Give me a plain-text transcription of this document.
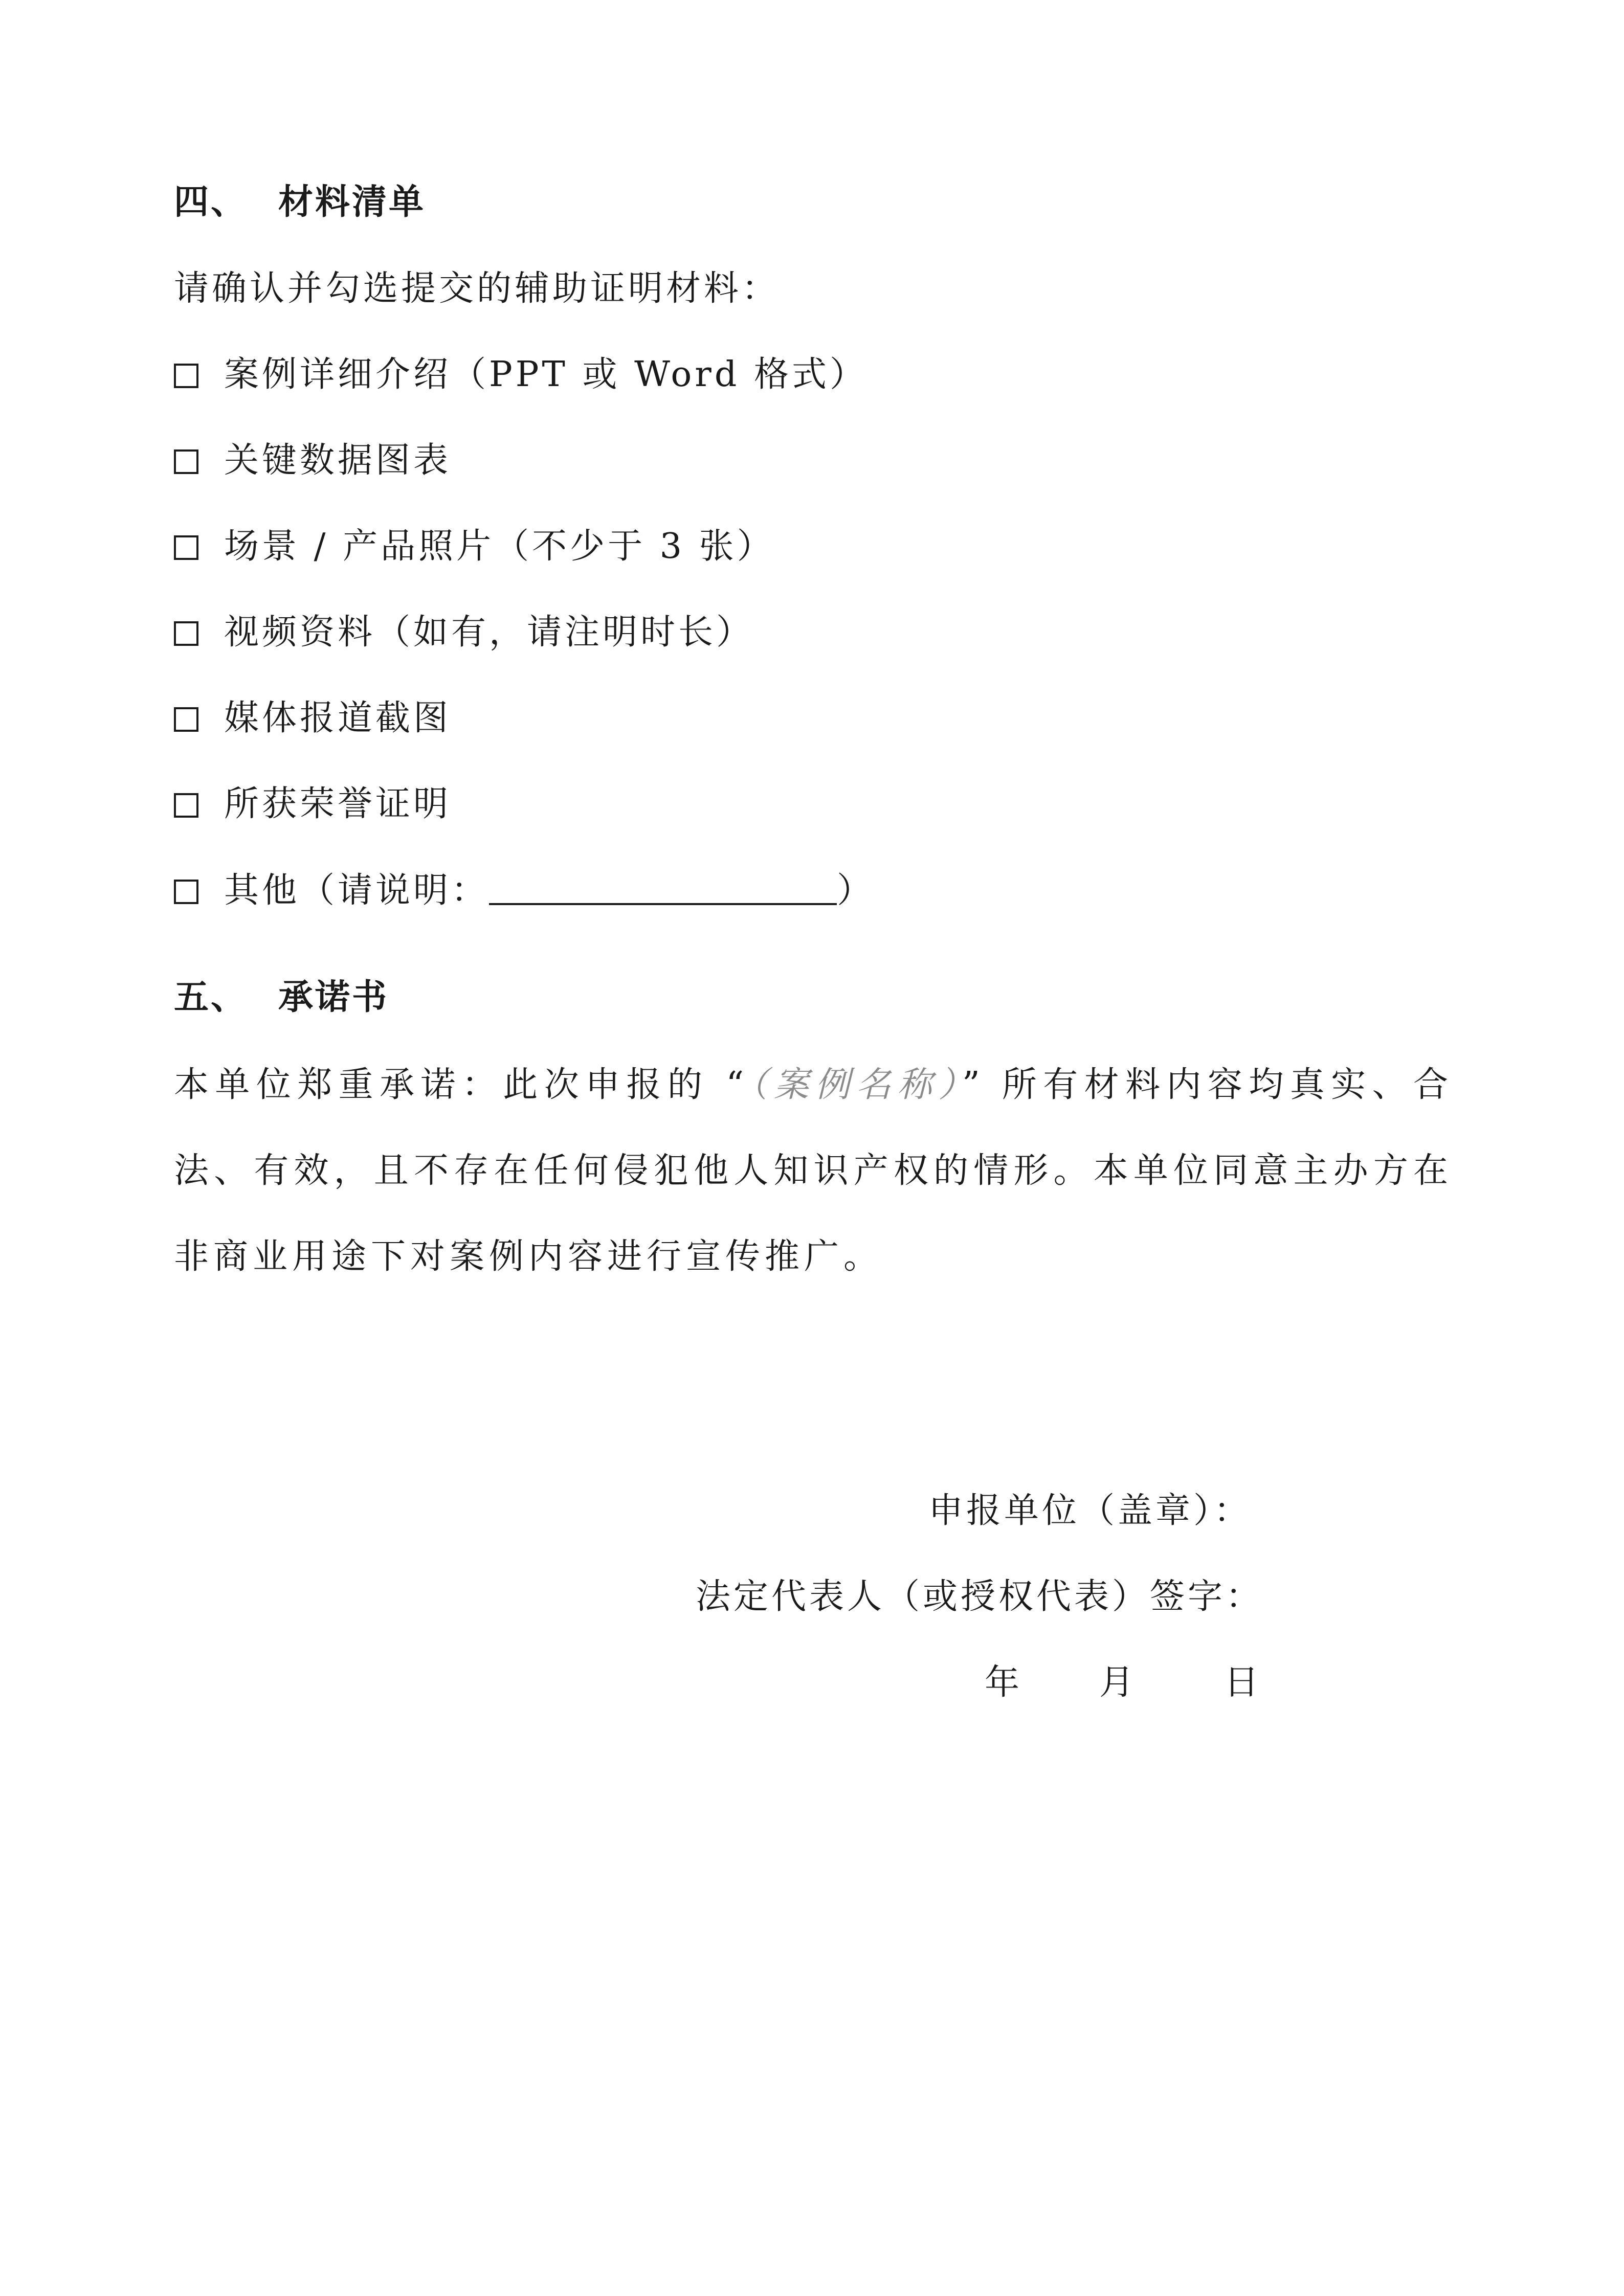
四、 材料清单
请确认并勾选提交的辅助证明材料：
案例详细介绍（PPT 或 Word 格式）
关键数据图表
场景 / 产品照片（不少于 3 张）
视频资料（如有，请注明时长）
媒体报道截图
所获荣誉证明
其他（请说明：	）
五、 承诺书
本单位郑重承诺：此次申报的 “（案例名称）” 所有材料内容均真实、合法、有效，且不存在任何侵犯他人知识产权的情形。本单位同意主办方在非商业用途下对案例内容进行宣传推广。
申报单位（盖章）：
法定代表人（或授权代表）签字：
年 月	日
